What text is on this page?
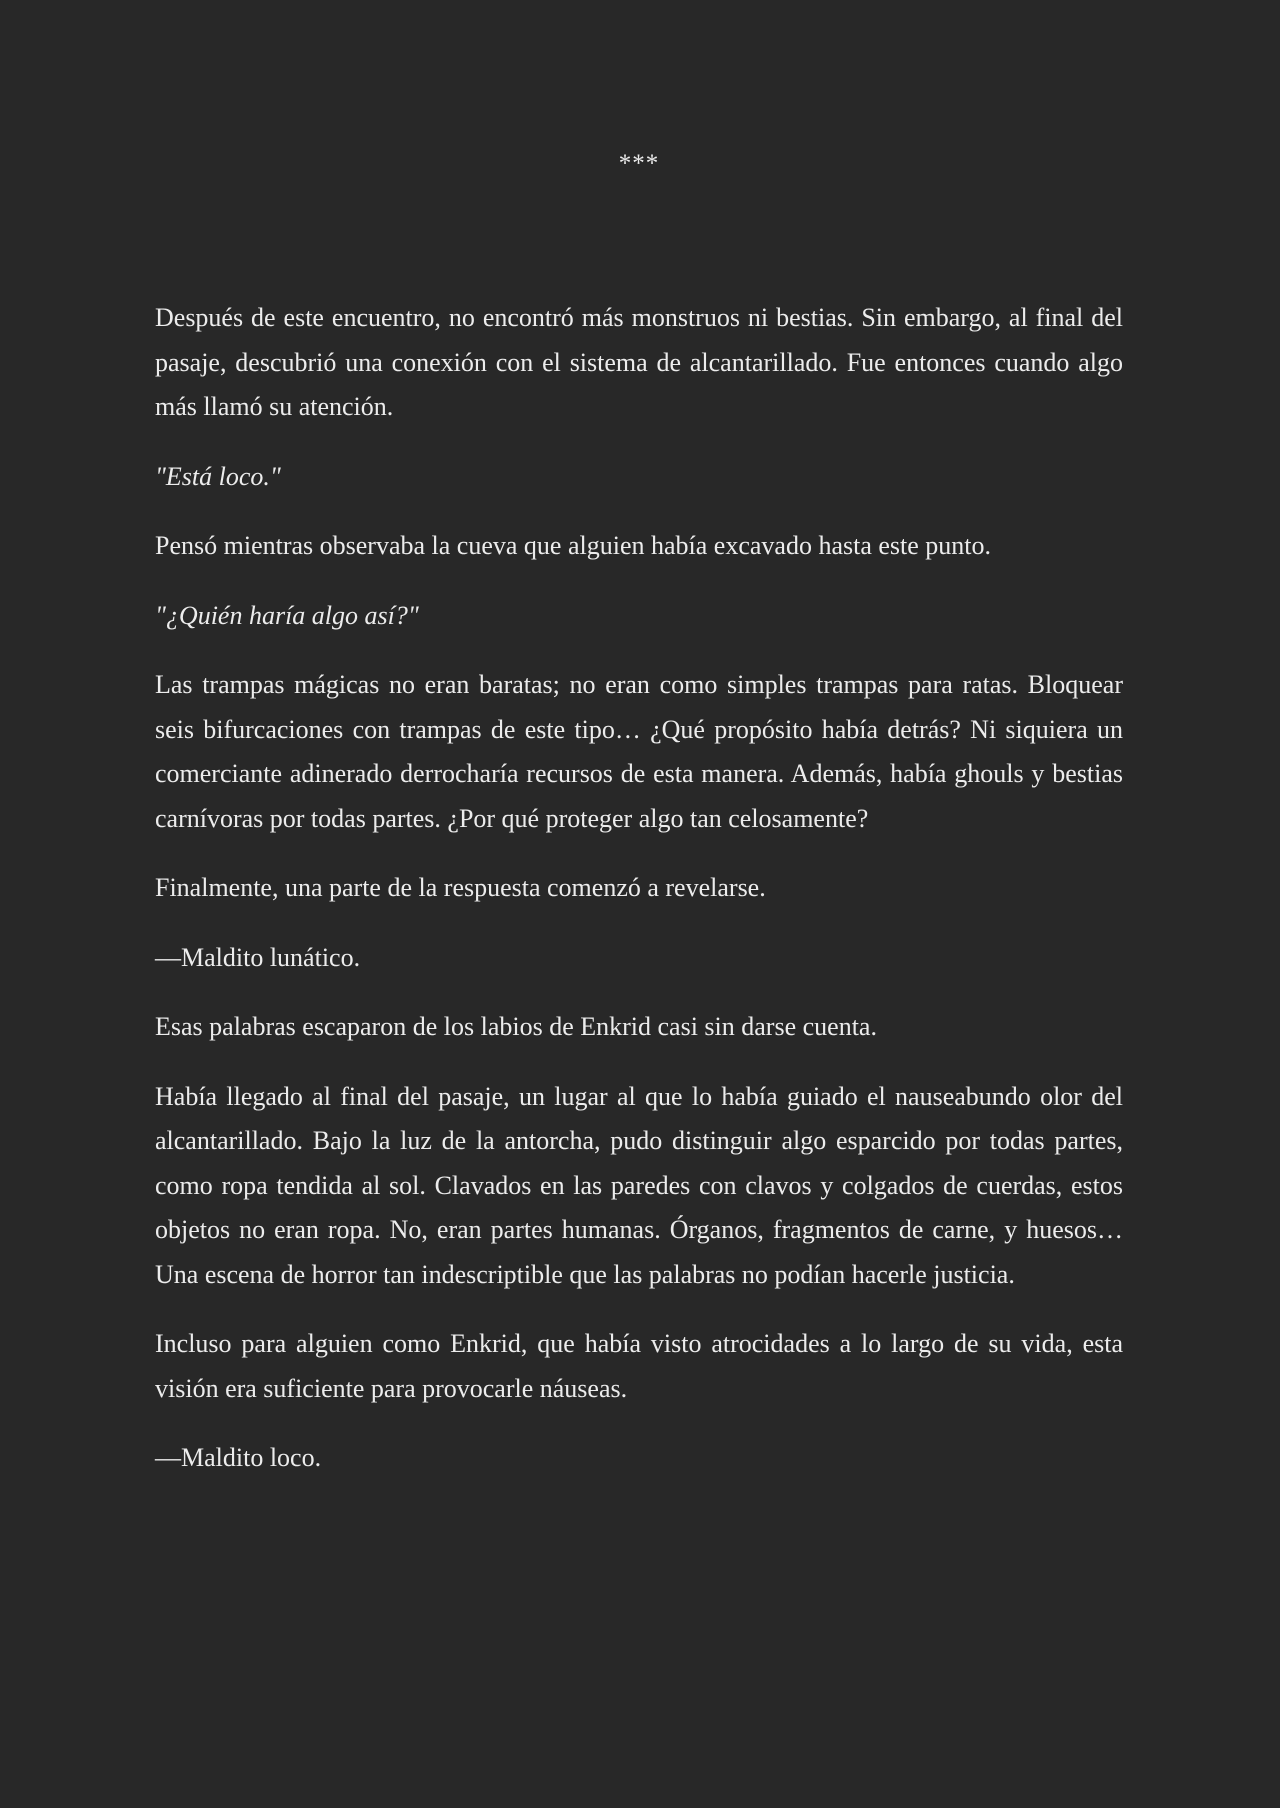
***

Después de este encuentro, no encontró más monstruos ni bestias. Sin embargo, al final del pasaje, descubrió una conexión con el sistema de alcantarillado. Fue entonces cuando algo más llamó su atención.

"Está loco."

Pensó mientras observaba la cueva que alguien había excavado hasta este punto.

"¿Quién haría algo así?"

Las trampas mágicas no eran baratas; no eran como simples trampas para ratas. Bloquear seis bifurcaciones con trampas de este tipo… ¿Qué propósito había detrás? Ni siquiera un comerciante adinerado derrocharía recursos de esta manera. Además, había ghouls y bestias carnívoras por todas partes. ¿Por qué proteger algo tan celosamente?

Finalmente, una parte de la respuesta comenzó a revelarse.

—Maldito lunático.

Esas palabras escaparon de los labios de Enkrid casi sin darse cuenta.

Había llegado al final del pasaje, un lugar al que lo había guiado el nauseabundo olor del alcantarillado. Bajo la luz de la antorcha, pudo distinguir algo esparcido por todas partes, como ropa tendida al sol. Clavados en las paredes con clavos y colgados de cuerdas, estos objetos no eran ropa. No, eran partes humanas. Órganos, fragmentos de carne, y huesos… Una escena de horror tan indescriptible que las palabras no podían hacerle justicia.

Incluso para alguien como Enkrid, que había visto atrocidades a lo largo de su vida, esta visión era suficiente para provocarle náuseas.

—Maldito loco.
